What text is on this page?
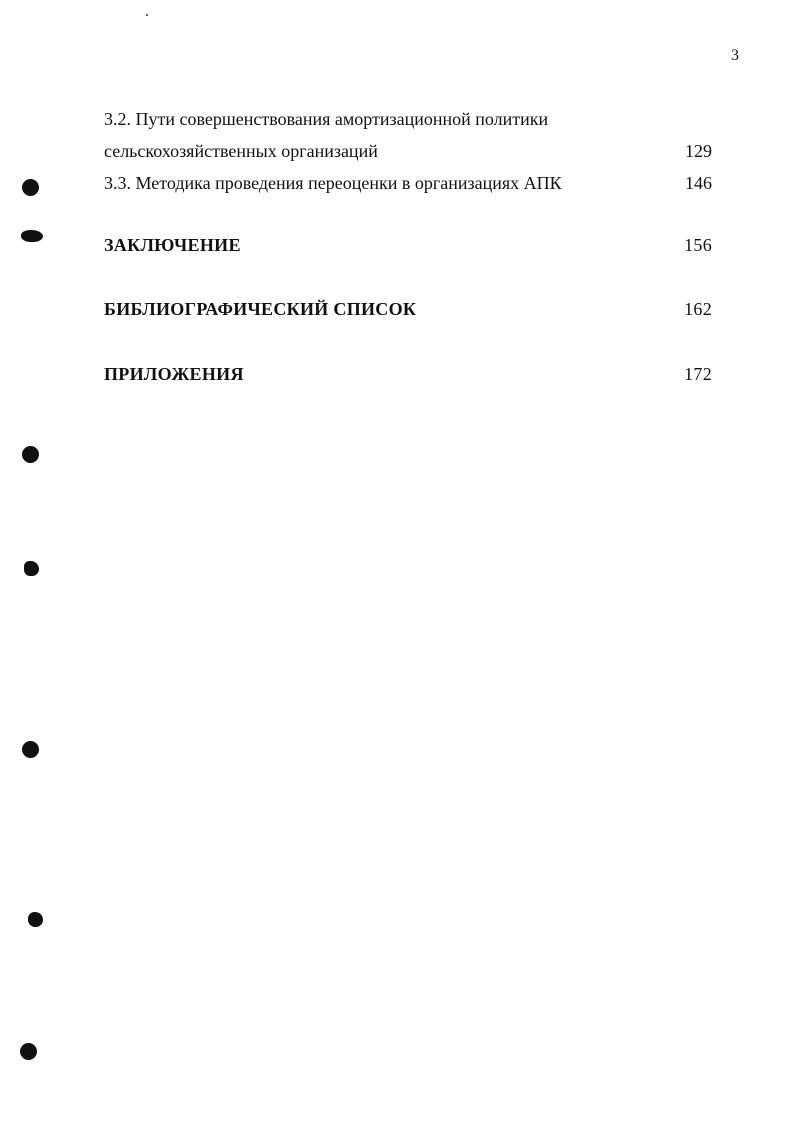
3
3.2. Пути совершенствования амортизационной политики
сельскохозяйственных организаций	129
3.3. Методика проведения переоценки в организациях АПК	146
ЗАКЛЮЧЕНИЕ	156
БИБЛИОГРАФИЧЕСКИЙ СПИСОК	162
ПРИЛОЖЕНИЯ	172
